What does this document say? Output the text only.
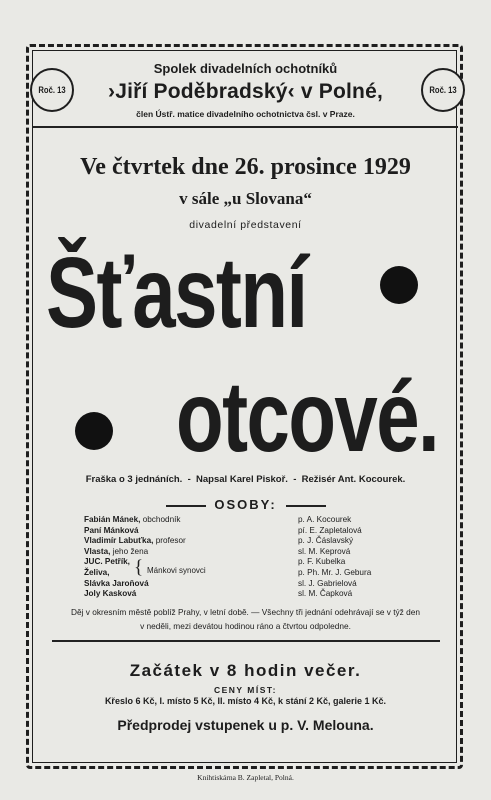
Roč. 13	Roč. 13
Spolek divadelních ochotníků
›Jiří Poděbradský‹ v Polné,
člen Ústř. matice divadelního ochotnictva čsl. v Praze.
Ve čtvrtek dne 26. prosince 1929
v sále „u Slovana“
divadelní představení
Šťastní
otcové.
Fraška o 3 jednáních.  -  Napsal Karel Piskoř.  -  Režisér Ant. Kocourek.
OSOBY:
Fabián Mánek, obchodník	p. A. Kocourek
Paní Mánková	pí. E. Zapletalová
Vladimír Labuťka, profesor	p. J. Čáslavský
Vlasta, jeho žena	sl. M. Keprová
JUC. Petřík,	p. F. Kubelka
Želiva,	p. Ph. Mr. J. Gebura
Slávka Jaroňová	sl. J. Gabrielová
Joly Kasková	sl. M. Čapková
{ Mánkovi synovci
Děj v okresním městě poblíž Prahy, v letní době. — Všechny tři jednání odehrávají se v týž den
v neděli, mezi devátou hodinou ráno a čtvrtou odpoledne.
Začátek v 8 hodin večer.
CENY MÍST:
Křeslo 6 Kč, I. místo 5 Kč, II. místo 4 Kč, k stání 2 Kč, galerie 1 Kč.
Předprodej vstupenek u p. V. Melouna.
Knihtiskárna B. Zapletal, Polná.
